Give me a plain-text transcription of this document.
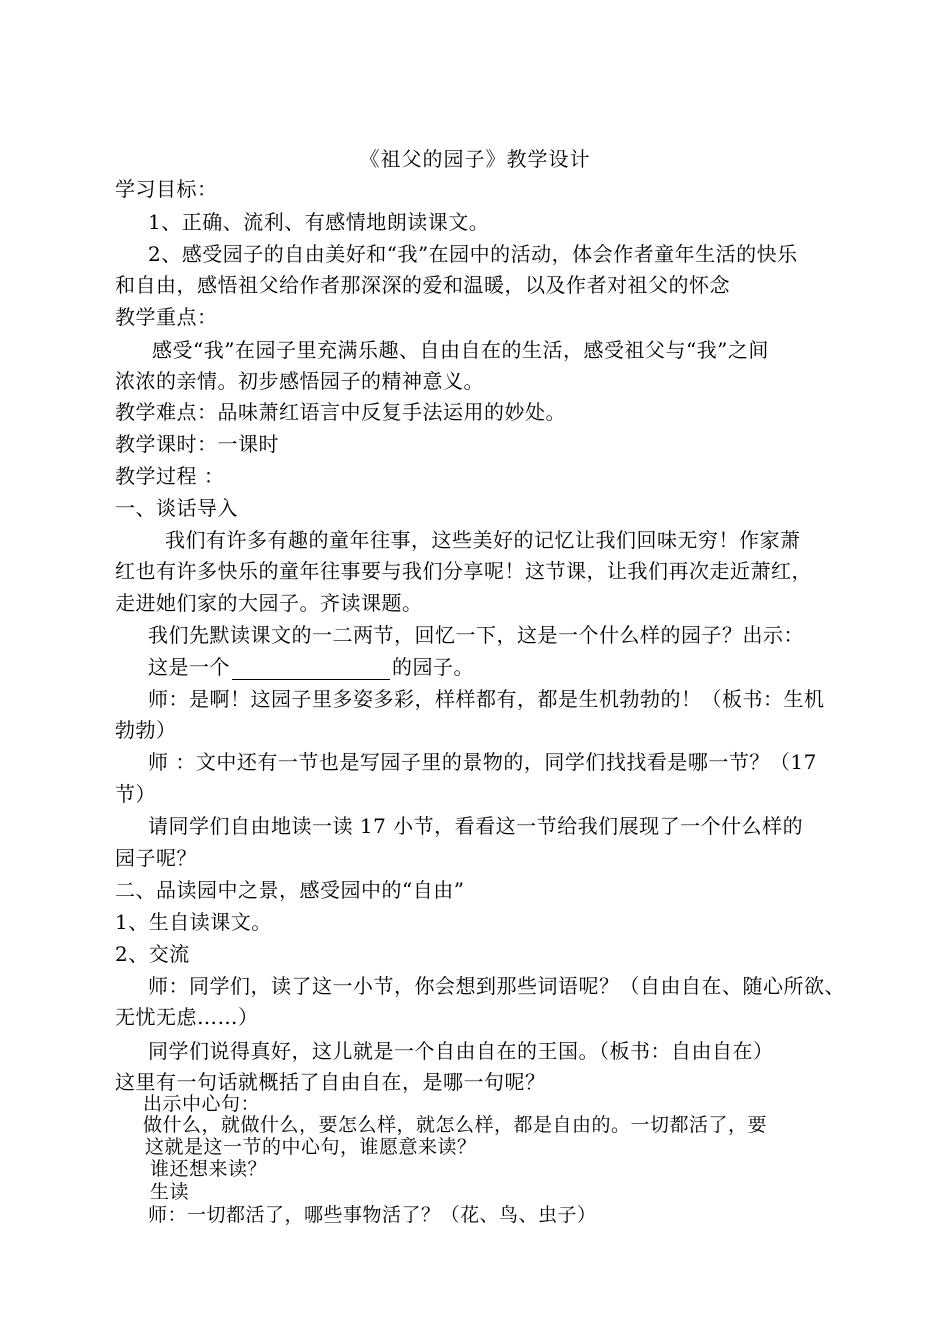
《祖父的园子》教学设计

学习目标：

1、正确、流利、有感情地朗读课文。

2、感受园子的自由美好和“我”在园中的活动，体会作者童年生活的快乐

和自由，感悟祖父给作者那深深的爱和温暖，以及作者对祖父的怀念

教学重点：

感受“我”在园子里充满乐趣、自由自在的生活，感受祖父与“我”之间

浓浓的亲情。初步感悟园子的精神意义。

教学难点：品味萧红语言中反复手法运用的妙处。

教学课时：一课时

教学过程 ：

一、谈话导入

我们有许多有趣的童年往事，这些美好的记忆让我们回味无穷！作家萧

红也有许多快乐的童年往事要与我们分享呢！这节课，让我们再次走近萧红，

走进她们家的大园子。齐读课题。

我们先默读课文的一二两节，回忆一下，这是一个什么样的园子？出示：

这是一个	的园子。

师：是啊！这园子里多姿多彩，样样都有，都是生机勃勃的！（板书：生机

勃勃）

师 ：文中还有一节也是写园子里的景物的，同学们找找看是哪一节？（17

节）

请同学们自由地读一读 17 小节，看看这一节给我们展现了一个什么样的

园子呢？

二、品读园中之景，感受园中的“自由”

1、生自读课文。

2、交流

师：同学们，读了这一小节，你会想到那些词语呢？（自由自在、随心所欲、

无忧无虑……）

同学们说得真好，这儿就是一个自由自在的王国。（板书：自由自在）

这里有一句话就概括了自由自在，是哪一句呢？

出示中心句：

做什么，就做什么，要怎么样，就怎么样，都是自由的。一切都活了，要

这就是这一节的中心句，谁愿意来读？

谁还想来读？

生读

师：一切都活了，哪些事物活了？（花、鸟、虫子）
